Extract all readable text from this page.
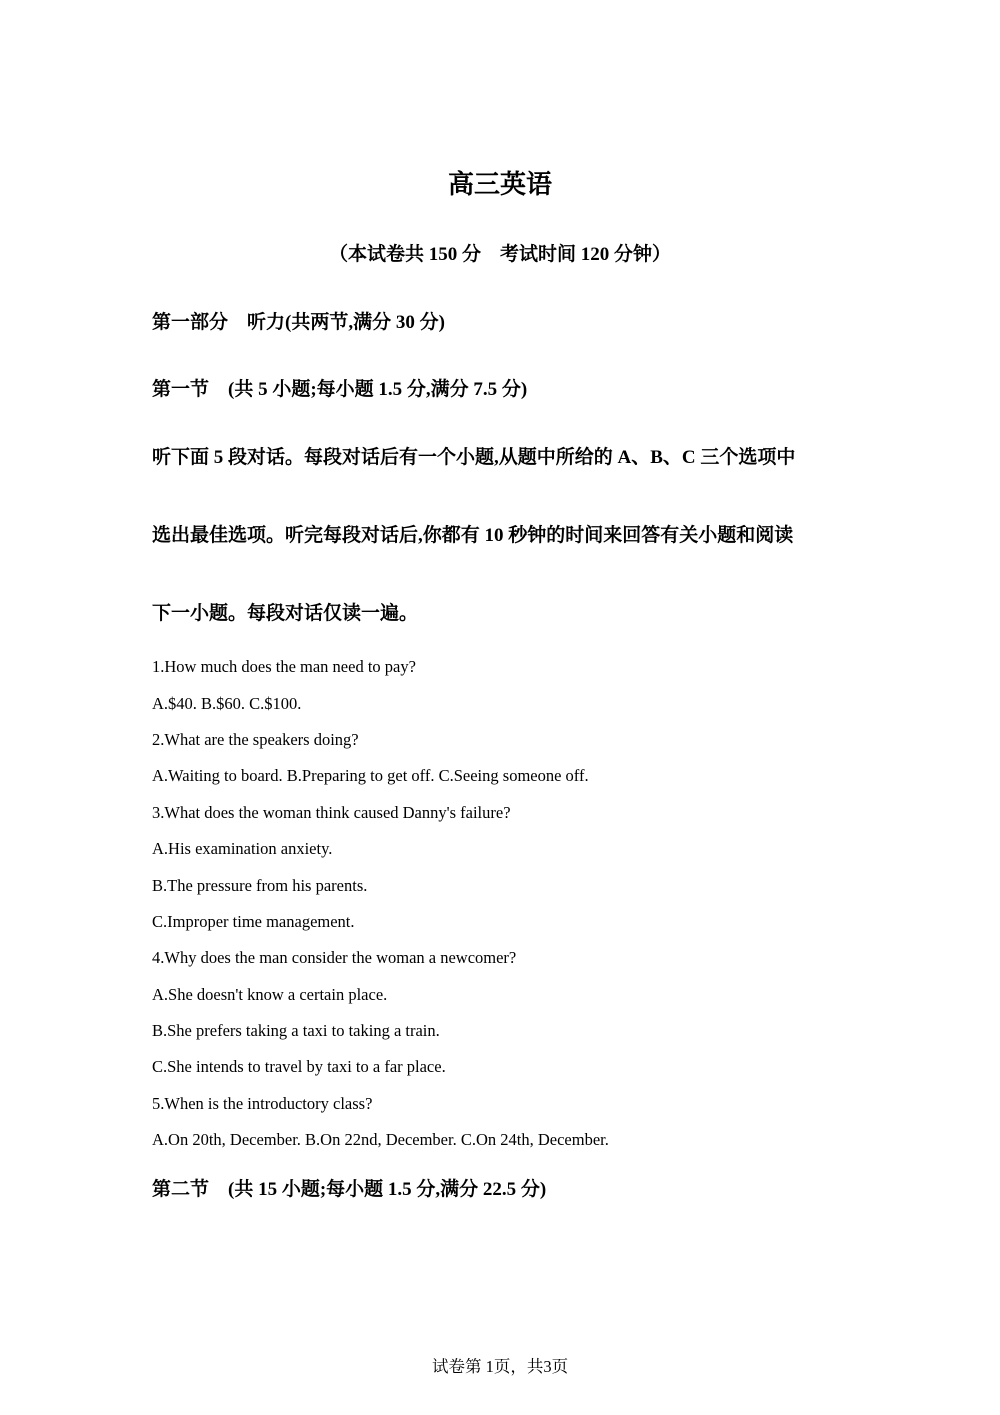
高三英语

（本试卷共 150 分    考试时间 120 分钟）

第一部分    听力(共两节,满分 30 分)

第一节    (共 5 小题;每小题 1.5 分,满分 7.5 分)

听下面 5 段对话。每段对话后有一个小题,从题中所给的 A、B、C 三个选项中

选出最佳选项。听完每段对话后,你都有 10 秒钟的时间来回答有关小题和阅读

下一小题。每段对话仅读一遍。

1.How much does the man need to pay?

A.$40. B.$60. C.$100.

2.What are the speakers doing?

A.Waiting to board. B.Preparing to get off. C.Seeing someone off.

3.What does the woman think caused Danny's failure?

A.His examination anxiety.

B.The pressure from his parents.

C.Improper time management.

4.Why does the man consider the woman a newcomer?

A.She doesn't know a certain place.

B.She prefers taking a taxi to taking a train.

C.She intends to travel by taxi to a far place.

5.When is the introductory class?

A.On 20th, December. B.On 22nd, December. C.On 24th, December.

第二节    (共 15 小题;每小题 1.5 分,满分 22.5 分)

试卷第 1页，共3页
